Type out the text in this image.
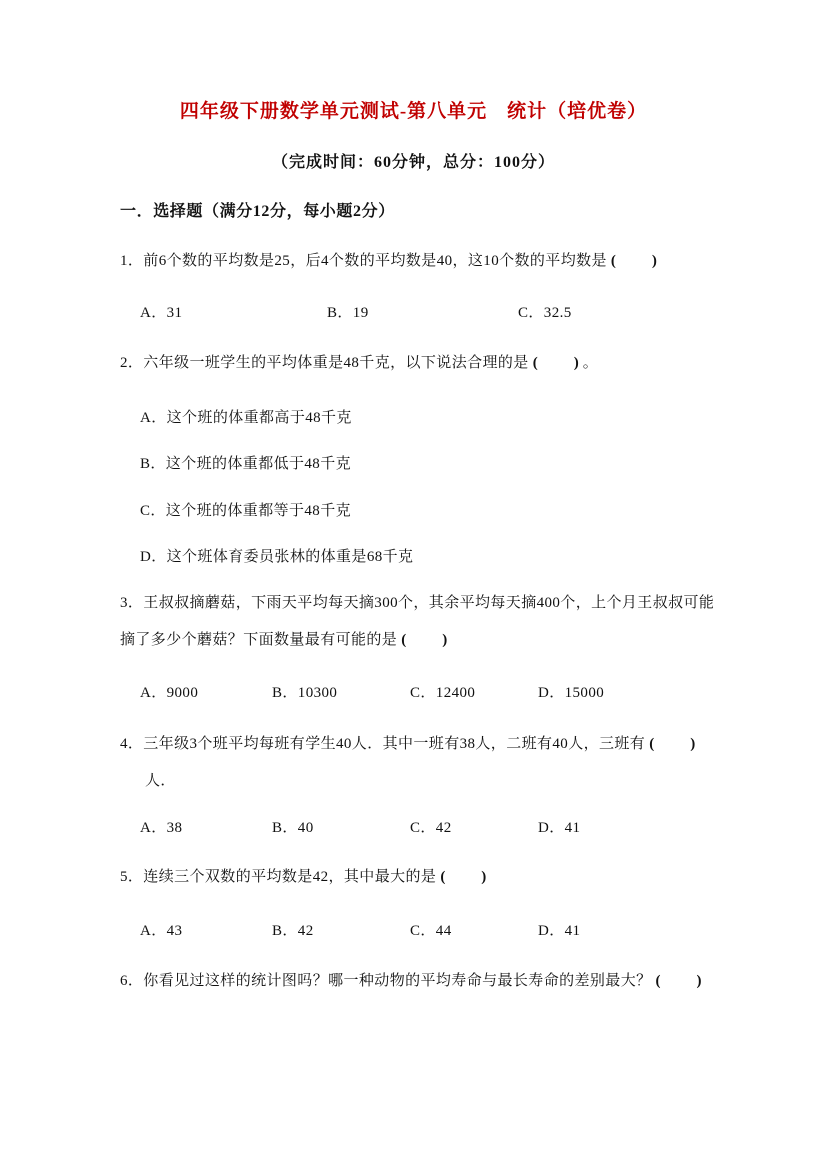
四年级下册数学单元测试-第八单元　统计（培优卷）
（完成时间：60分钟，总分：100分）
一．选择题（满分12分，每小题2分）
1．前6个数的平均数是25，后4个数的平均数是40，这10个数的平均数是 (　　)
A．31	B．19	C．32.5
2．六年级一班学生的平均体重是48千克，以下说法合理的是 (　　) 。
A．这个班的体重都高于48千克
B．这个班的体重都低于48千克
C．这个班的体重都等于48千克
D．这个班体育委员张林的体重是68千克
3．王叔叔摘蘑菇，下雨天平均每天摘300个，其余平均每天摘400个，上个月王叔叔可能
摘了多少个蘑菇？下面数量最有可能的是 (　　)
A．9000	B．10300	C．12400	D．15000
4．三年级3个班平均每班有学生40人．其中一班有38人，二班有40人，三班有 (　　)
人．
A．38	B．40	C．42	D．41
5．连续三个双数的平均数是42，其中最大的是 (　　)
A．43	B．42	C．44	D．41
6．你看见过这样的统计图吗？哪一种动物的平均寿命与最长寿命的差别最大？ (　　)
